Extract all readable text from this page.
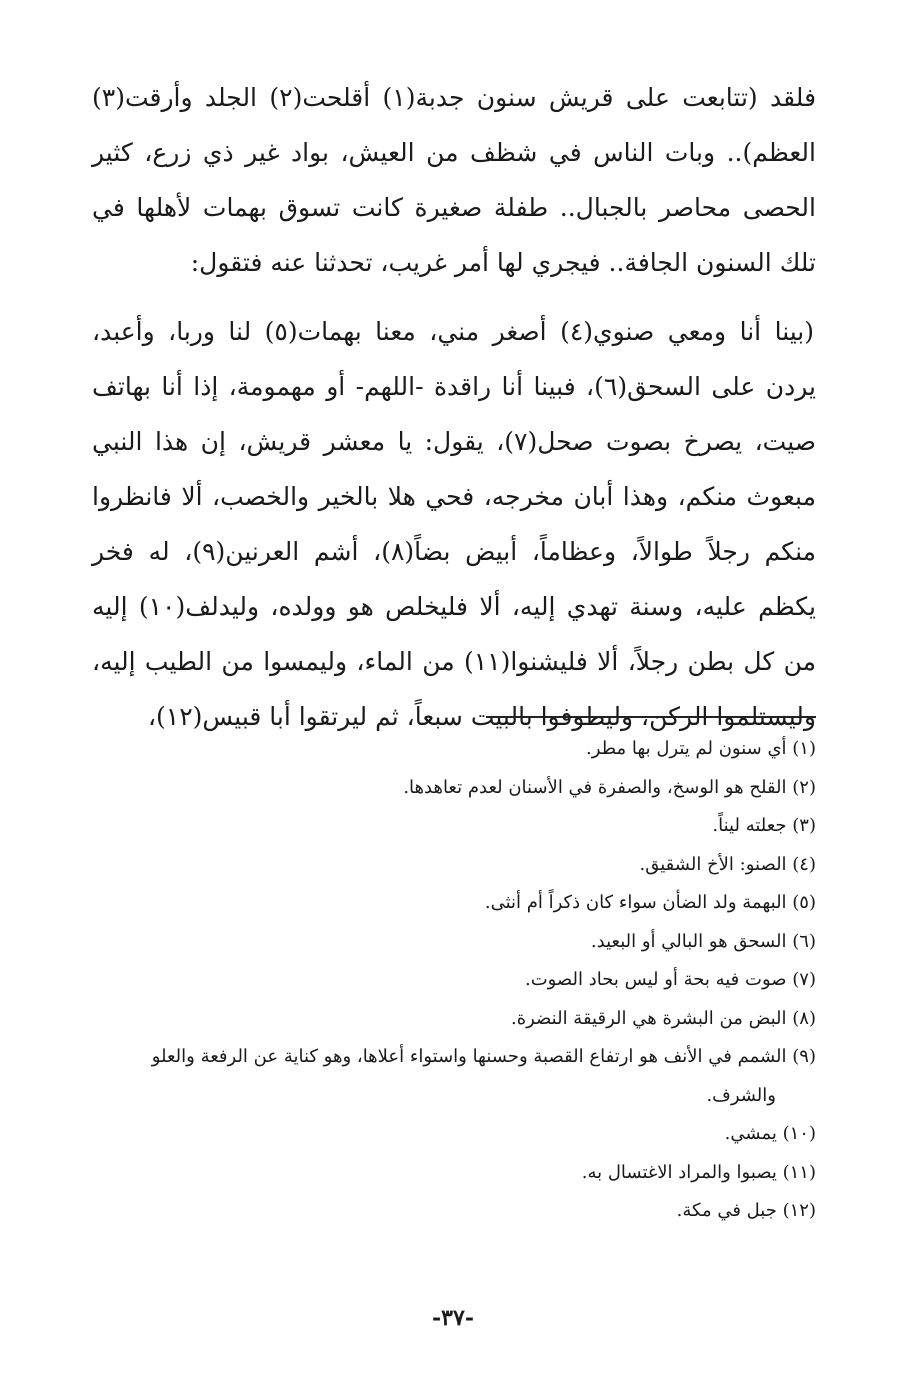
فلقد (تتابعت على قريش سنون جدبة(١) أقلحت(٢) الجلد وأرقت(٣) العظم).. وبات الناس في شظف من العيش، بواد غير ذي زرع، كثير الحصى محاصر بالجبال.. طفلة صغيرة كانت تسوق بهمات لأهلها في تلك السنون الجافة.. فيجري لها أمر غريب، تحدثنا عنه فتقول:

(بينا أنا ومعي صنوي(٤) أصغر مني، معنا بهمات(٥) لنا وربا، وأعبد، يردن على السحق(٦)، فبينا أنا راقدة -اللهم- أو مهمومة، إذا أنا بهاتف صيت، يصرخ بصوت صحل(٧)، يقول: يا معشر قريش، إن هذا النبي مبعوث منكم، وهذا أبان مخرجه، فحي هلا بالخير والخصب، ألا فانظروا منكم رجلاً طوالاً، وعظاماً، أبيض بضاً(٨)، أشم العرنين(٩)، له فخر يكظم عليه، وسنة تهدي إليه، ألا فليخلص هو وولده، وليدلف(١٠) إليه من كل بطن رجلاً، ألا فليشنوا(١١) من الماء، وليمسوا من الطيب إليه، وليستلموا الركن، وليطوفوا بالبيت سبعاً، ثم ليرتقوا أبا قبيس(١٢)،

(١) أي سنون لم يترل بها مطر.
(٢) القلح هو الوسخ، والصفرة في الأسنان لعدم تعاهدها.
(٣) جعلته ليناً.
(٤) الصنو: الأخ الشقيق.
(٥) البهمة ولد الضأن سواء كان ذكراً أم أنثى.
(٦) السحق هو البالي أو البعيد.
(٧) صوت فيه بحة أو ليس بحاد الصوت.
(٨) البض من البشرة هي الرقيقة النضرة.
(٩) الشمم في الأنف هو ارتفاع القصبة وحسنها واستواء أعلاها، وهو كناية عن الرفعة والعلو والشرف.
(١٠) يمشي.
(١١) يصبوا والمراد الاغتسال به.
(١٢) جبل في مكة.
-٣٧-
